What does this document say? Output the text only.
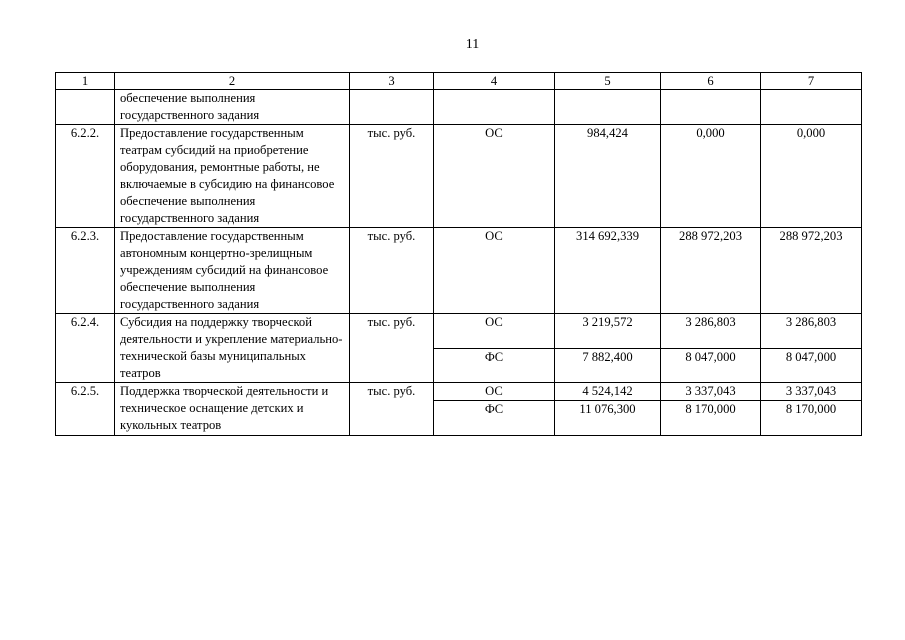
11
1	2	3	4	5	6	7
	обеспечение выполнения государственного задания					
6.2.2.	Предоставление государственным театрам субсидий на приобретение оборудования, ремонтные работы, не включаемые в субсидию на финансовое обеспечение выполнения государственного задания	тыс. руб.	ОС	984,424	0,000	0,000
6.2.3.	Предоставление государственным автономным концертно-зрелищным учреждениям субсидий на финансовое обеспечение выполнения государственного задания	тыс. руб.	ОС	314 692,339	288 972,203	288 972,203
6.2.4.	Субсидия на поддержку творческой деятельности и укрепление материально-технической базы муниципальных театров	тыс. руб.	ОС	3 219,572	3 286,803	3 286,803
			ФС	7 882,400	8 047,000	8 047,000
6.2.5.	Поддержка творческой деятельности и техническое оснащение детских и кукольных театров	тыс. руб.	ОС	4 524,142	3 337,043	3 337,043
			ФС	11 076,300	8 170,000	8 170,000
